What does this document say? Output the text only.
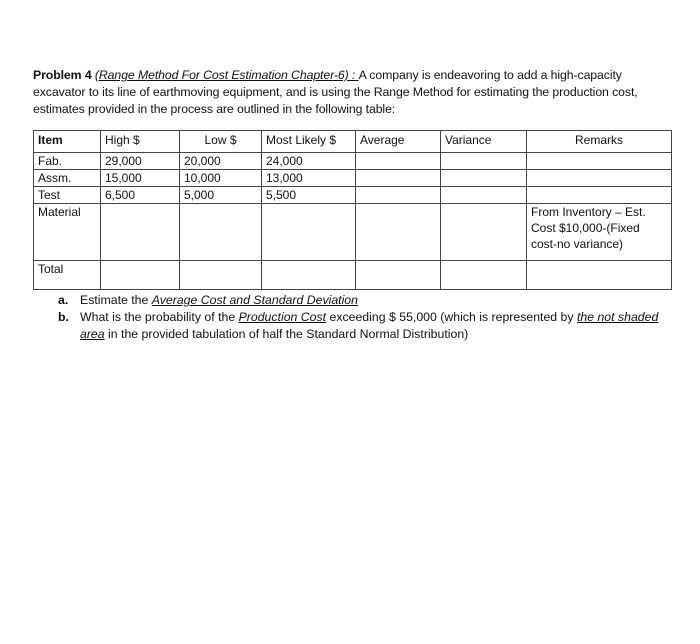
Problem 4 (Range Method For Cost Estimation Chapter-6) : A company is endeavoring to add a high-capacity excavator to its line of earthmoving equipment, and is using the Range Method for estimating the production cost, estimates provided in the process are outlined in the following table:
Item	High $	Low $	Most Likely $	Average	Variance	Remarks
Fab.	29,000	20,000	24,000			
Assm.	15,000	10,000	13,000			
Test	6,500	5,000	5,500			
Material						From Inventory – Est. Cost $10,000-(Fixed cost-no variance)
Total						
a. Estimate the Average Cost and Standard Deviation
b. What is the probability of the Production Cost exceeding $ 55,000 (which is represented by the not shaded area in the provided tabulation of half the Standard Normal Distribution)
